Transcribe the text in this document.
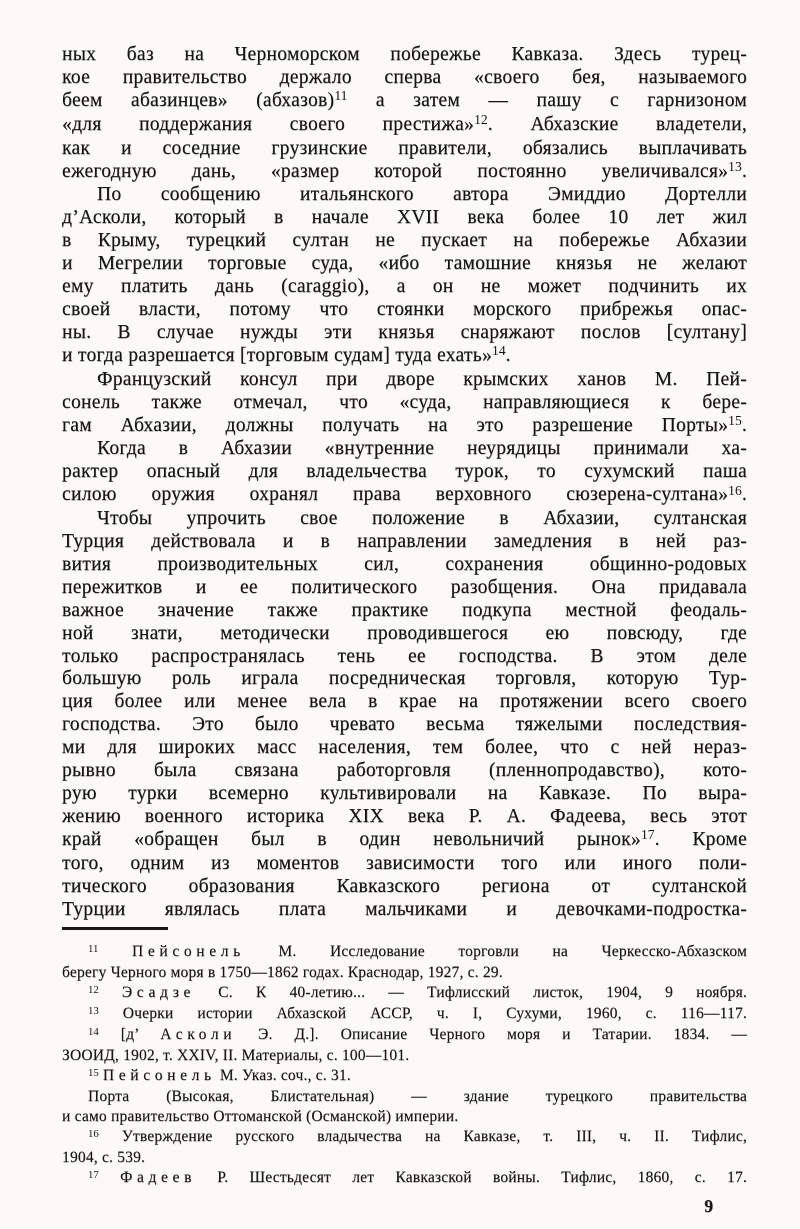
ных баз на Черноморском побережье Кавказа. Здесь турец-
кое правительство держало сперва «своего бея, называемого
беем абазинцев» (абхазов)$^{11}$ а затем — пашу с гарнизоном
«для поддержания своего престижа»$^{12}$. Абхазские владетели,
как и соседние грузинские правители, обязались выплачивать
ежегодную дань, «размер которой постоянно увеличивался»$^{13}$.
По сообщению итальянского автора Эмиддио Дортелли
д’Асколи, который в начале XVII века более 10 лет жил
в Крыму, турецкий султан не пускает на побережье Абхазии
и Мегрелии торговые суда, «ибо тамошние князья не желают
ему платить дань (caraggio), а он не может подчинить их
своей власти, потому что стоянки морского прибрежья опас-
ны. В случае нужды эти князья снаряжают послов [султану]
и тогда разрешается [торговым судам] туда ехать»$^{14}$.
Французский консул при дворе крымских ханов М. Пей-
сонель также отмечал, что «суда, направляющиеся к бере-
гам Абхазии, должны получать на это разрешение Порты»$^{15}$.
Когда в Абхазии «внутренние неурядицы принимали ха-
рактер опасный для владельчества турок, то сухумский паша
силою оружия охранял права верховного сюзерена-султана»$^{16}$.
Чтобы упрочить свое положение в Абхазии, султанская
Турция действовала и в направлении замедления в ней раз-
вития производительных сил, сохранения общинно-родовых
пережитков и ее политического разобщения. Она придавала
важное значение также практике подкупа местной феодаль-
ной знати, методически проводившегося ею повсюду, где
только распространялась тень ее господства. В этом деле
большую роль играла посредническая торговля, которую Тур-
ция более или менее вела в крае на протяжении всего своего
господства. Это было чревато весьма тяжелыми последствия-
ми для широких масс населения, тем более, что с ней нераз-
рывно была связана работорговля (пленнопродавство), кото-
рую турки всемерно культивировали на Кавказе. По выра-
жению военного историка XIX века Р. А. Фадеева, весь этот
край «обращен был в один невольничий рынок»$^{17}$. Кроме
того, одним из моментов зависимости того или иного поли-
тического образования Кавказского региона от султанской
Турции являлась плата мальчиками и девочками-подростка-
$^{11}$ Пейсонель М. Исследование торговли на Черкесско-Абхазском
берегу Черного моря в 1750—1862 годах. Краснодар, 1927, с. 29.
$^{12}$ Эсадзе С. К 40-летию... — Тифлисский листок, 1904, 9 ноября.
$^{13}$ Очерки истории Абхазской АССР, ч. I, Сухуми, 1960, с. 116—117.
$^{14}$ [д’ Асколи Э. Д.]. Описание Черного моря и Татарии. 1834. —
ЗООИД, 1902, т. XXIV, II. Материалы, с. 100—101.
$^{15}$ Пейсонель М. Указ. соч., с. 31.
Порта (Высокая, Блистательная) — здание турецкого правительства
и само правительство Оттоманской (Османской) империи.
$^{16}$ Утверждение русского владычества на Кавказе, т. III, ч. II. Тифлис,
1904, с. 539.
$^{17}$ Фадеев Р. Шестьдесят лет Кавказской войны. Тифлис, 1860, с. 17.
9
